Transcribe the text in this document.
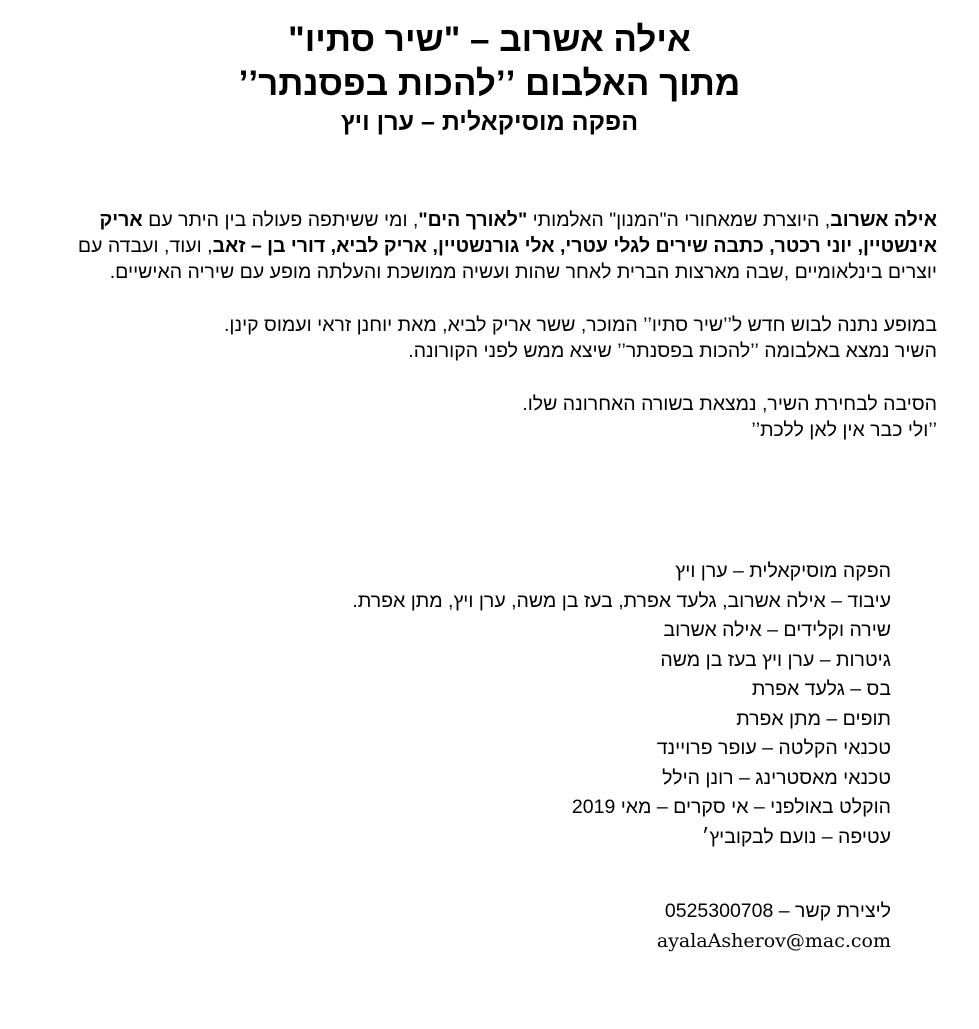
אילה אשרוב – "שיר סתיו"

מתוך האלבום ’’להכות בפסנתר’’

הפקה מוסיקאלית – ערן ויץ

אילה אשרוב, היוצרת שמאחורי ה"המנון" האלמותי "לאורך הים", ומי ששיתפה פעולה בין היתר עם אריק אינשטיין, יוני רכטר, כתבה שירים לגלי עטרי, אלי גורנשטיין, אריק לביא, דורי בן – זאב, ועוד, ועבדה עם יוצרים בינלאומיים ,שבה מארצות הברית לאחר שהות ועשיה ממושכת והעלתה מופע עם שיריה האישיים.

במופע נתנה לבוש חדש ל’’שיר סתיו’’ המוכר, ששר אריק לביא, מאת יוחנן זראי ועמוס קינן.

השיר נמצא באלבומה ’’להכות בפסנתר’’ שיצא ממש לפני הקורונה.

הסיבה לבחירת השיר, נמצאת בשורה האחרונה שלו.

’’ולי כבר אין לאן ללכת’’

הפקה מוסיקאלית – ערן ויץ

עיבוד – אילה אשרוב, גלעד אפרת, בעז בן משה, ערן ויץ, מתן אפרת.

שירה וקלידים – אילה אשרוב

גיטרות – ערן ויץ בעז בן משה

בס – גלעד אפרת

תופים – מתן אפרת

טכנאי הקלטה – עופר פרויינד

טכנאי מאסטרינג – רונן הילל

הוקלט באולפני – אי סקרים – מאי 2019

עטיפה – נועם לבקוביץ׳

ליצירת קשר – 0525300708

ayalaAsherov@mac.com
